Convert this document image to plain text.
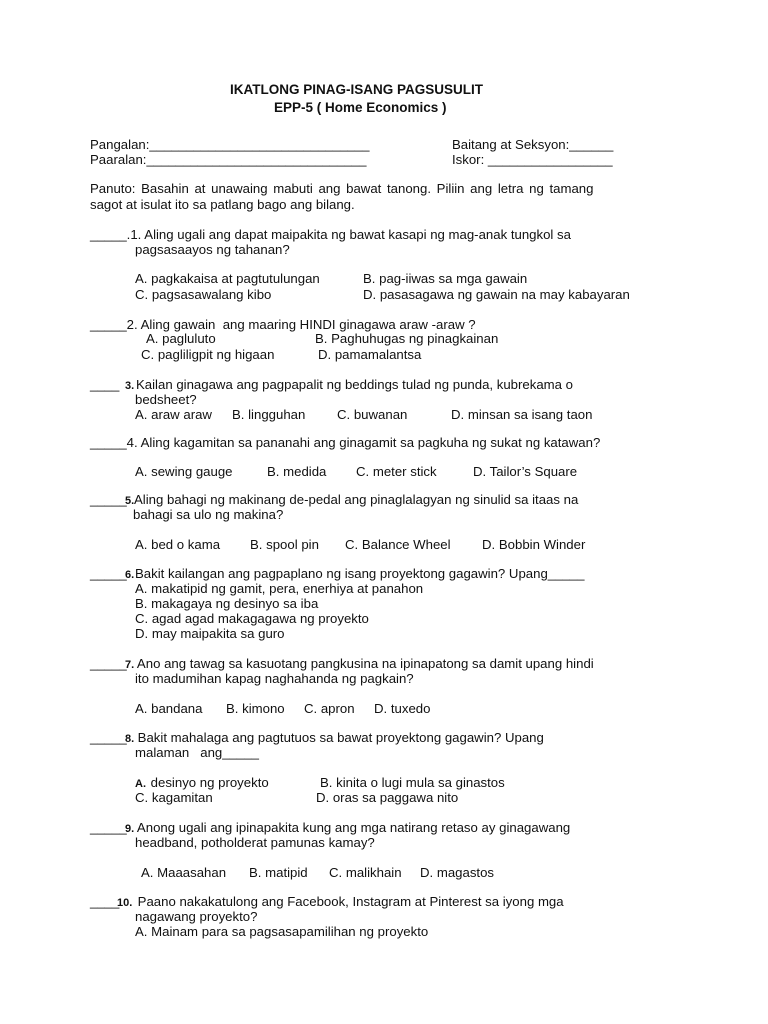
IKATLONG PINAG-ISANG PAGSUSULIT
EPP-5 ( Home Economics )
Pangalan:______________________________	Baitang at Seksyon:______
Paaralan:______________________________	Iskor: _________________
Panuto: Basahin at unawaing mabuti ang bawat tanong. Piliin ang letra ng tamang
sagot at isulat ito sa patlang bago ang bilang.
_____.1. Aling ugali ang dapat maipakita ng bawat kasapi ng mag-anak tungkol sa
pagsasaayos ng tahanan?
A. pagkakaisa at pagtutulungan	B. pag-iiwas sa mga gawain
C. pagsasawalang kibo	D. pasasagawa ng gawain na may kabayaran
_____2. Aling gawain  ang maaring HINDI ginagawa araw -araw ?
A. pagluluto	B. Paghuhugas ng pinagkainan
C. pagliligpit ng higaan	D. pamamalantsa
____ 3. Kailan ginagawa ang pagpapalit ng beddings tulad ng punda, kubrekama o
bedsheet?
A. araw araw B. lingguhan C. buwanan	D. minsan sa isang taon
_____4. Aling kagamitan sa pananahi ang ginagamit sa pagkuha ng sukat ng katawan?
A. sewing gauge	B. medida C. meter stick	D. Tailor’s Square
_____
5. Aling bahagi ng makinang de-pedal ang pinaglalagyan ng sinulid sa itaas na
bahagi sa ulo ng makina?
A. bed o kama B. spool pin C. Balance Wheel D. Bobbin Winder
_____
6. Bakit kailangan ang pagpaplano ng isang proyektong gagawin? Upang_____
A. makatipid ng gamit, pera, enerhiya at panahon
B. makagaya ng desinyo sa iba
C. agad agad makagagawa ng proyekto
D. may maipakita sa guro
_____
7. Ano ang tawag sa kasuotang pangkusina na ipinapatong sa damit upang hindi
ito madumihan kapag naghahanda ng pagkain?
A. bandana B. kimono C. apron D. tuxedo
_____
8. Bakit mahalaga ang pagtutuos sa bawat proyektong gagawin? Upang
malaman   ang_____
A. desinyo ng proyekto	B. kinita o lugi mula sa ginastos
C. kagamitan	D. oras sa paggawa nito
_____
9. Anong ugali ang ipinapakita kung ang mga natirang retaso ay ginagawang
headband, potholderat pamunas kamay?
A. Maaasahan B. matipid C. malikhain D. magastos
____
10. Paano nakakatulong ang Facebook, Instagram at Pinterest sa iyong mga
nagawang proyekto?
A. Mainam para sa pagsasapamilihan ng proyekto
